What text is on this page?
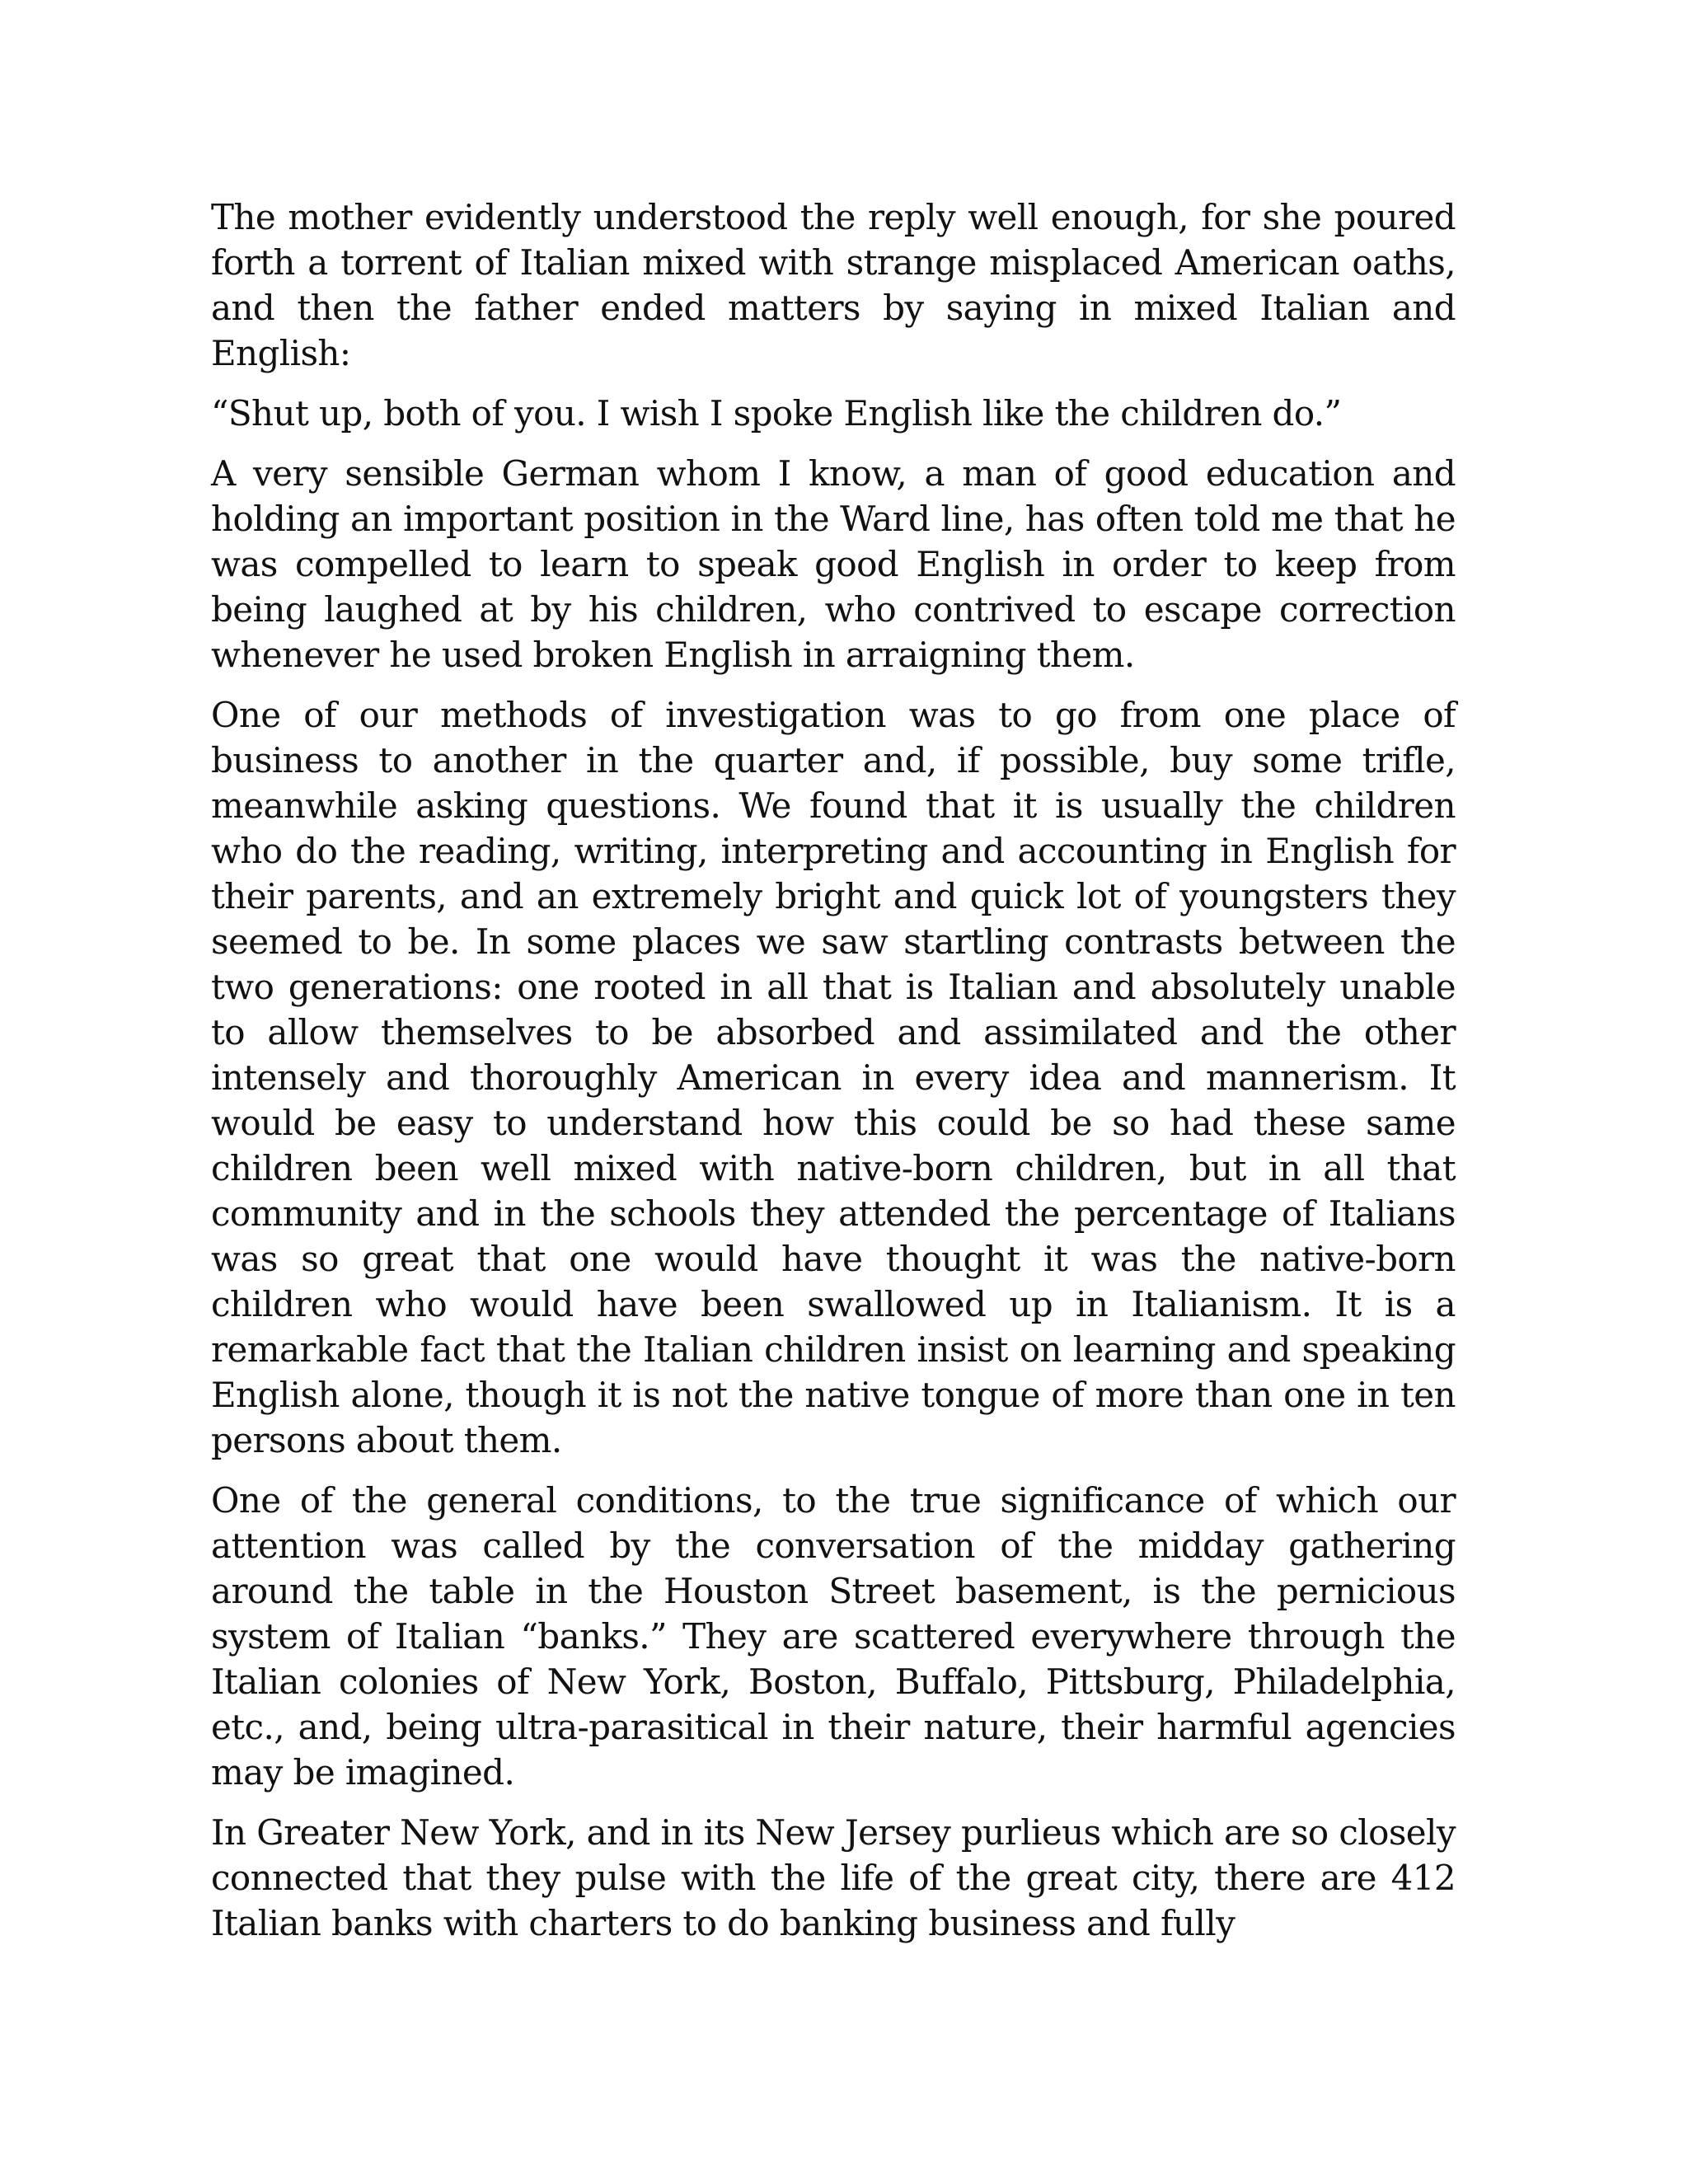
The mother evidently understood the reply well enough, for she poured forth a torrent of Italian mixed with strange misplaced American oaths, and then the father ended matters by saying in mixed Italian and English:

“Shut up, both of you. I wish I spoke English like the children do.”

A very sensible German whom I know, a man of good education and holding an important position in the Ward line, has often told me that he was compelled to learn to speak good English in order to keep from being laughed at by his children, who contrived to escape correction whenever he used broken English in arraigning them.

One of our methods of investigation was to go from one place of business to another in the quarter and, if possible, buy some trifle, meanwhile asking questions. We found that it is usually the children who do the reading, writing, interpreting and accounting in English for their parents, and an extremely bright and quick lot of youngsters they seemed to be. In some places we saw startling contrasts between the two generations: one rooted in all that is Italian and absolutely unable to allow themselves to be absorbed and assimilated and the other intensely and thoroughly American in every idea and mannerism. It would be easy to understand how this could be so had these same children been well mixed with native-born children, but in all that community and in the schools they attended the percentage of Italians was so great that one would have thought it was the native-born children who would have been swallowed up in Italianism. It is a remarkable fact that the Italian children insist on learning and speaking English alone, though it is not the native tongue of more than one in ten persons about them.

One of the general conditions, to the true significance of which our attention was called by the conversation of the midday gathering around the table in the Houston Street basement, is the pernicious system of Italian “banks.” They are scattered everywhere through the Italian colonies of New York, Boston, Buffalo, Pittsburg, Philadelphia, etc., and, being ultra-parasitical in their nature, their harmful agencies may be imagined.

In Greater New York, and in its New Jersey purlieus which are so closely connected that they pulse with the life of the great city, there are 412 Italian banks with charters to do banking business and fully
